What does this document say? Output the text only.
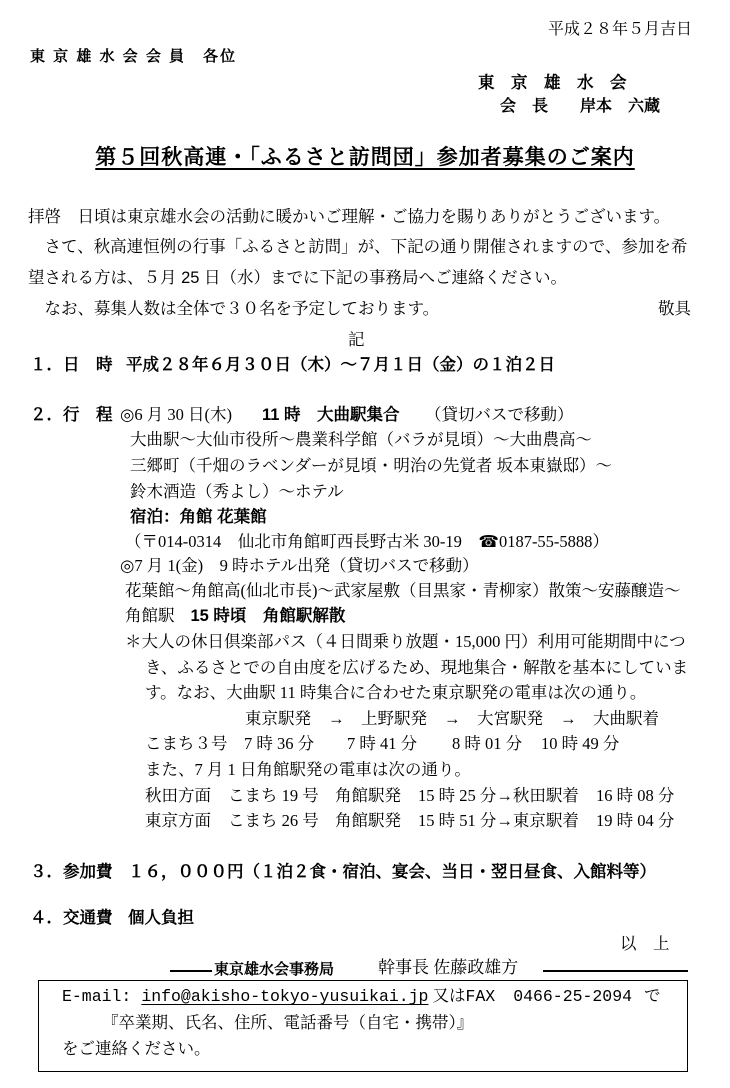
平成２８年５月吉日
東 京 雄 水 会 会 員　各位
東　京　雄　水　会
会　長　　岸本　六蔵
第５回秋高連・「ふるさと訪問団」参加者募集のご案内
拝啓　日頃は東京雄水会の活動に暖かいご理解・ご協力を賜りありがとうございます。
　さて、秋高連恒例の行事「ふるさと訪問」が、下記の通り開催されますので、参加を希
望される方は、５月 25 日（水）までに下記の事務局へご連絡ください。
　なお、募集人数は全体で３０名を予定しております。	敬具
記
１．日　時 平成２８年６月３０日（木）～７月１日（金）の１泊２日
２．行　程 ◎6 月 30 日(木) 11 時　大曲駅集合 （貸切バスで移動）
大曲駅～大仙市役所～農業科学館（バラが見頃）～大曲農高～
三郷町（千畑のラベンダーが見頃・明治の先覚者 坂本東嶽邸）～
鈴木酒造（秀よし）～ホテル
宿泊：角館 花葉館
（〒014-0314　仙北市角館町西長野古米 30-19　☎ 0187-55-5888）
◎7 月 1(金)　9 時ホテル出発（貸切バスで移動）
花葉館～角館高(仙北市長)～武家屋敷（目黒家・青柳家）散策～安藤醸造～
角館駅 15 時頃　角館駅解散
＊大人の休日倶楽部パス（４日間乗り放題・15,000 円）利用可能期間中につ
き、ふるさとでの自由度を広げるため、現地集合・解散を基本にしていま
す。なお、大曲駅 11 時集合に合わせた東京駅発の電車は次の通り。
東京駅発 → 上野駅発 → 大宮駅発 → 大曲駅着
こまち３号 7 時 36 分 7 時 41 分 8 時 01 分 10 時 49 分
また、7 月 1 日角館駅発の電車は次の通り。
秋田方面 こまち 19 号 角館駅発 15 時 25 分→秋田駅着 16 時 08 分
東京方面 こまち 26 号 角館駅発 15 時 51 分→東京駅着 19 時 04 分
３．参加費 １６，０００円（１泊２食・宿泊、宴会、当日・翌日昼食、入館料等）
４．交通費 個人負担
以　上
東京雄水会事務局	幹事長 佐藤政雄方
E-mail: info@akisho-tokyo-yusuikai.jp 又はFAX 0466-25-2094 で
『卒業期、氏名、住所、電話番号（自宅・携帯）』
をご連絡ください。
